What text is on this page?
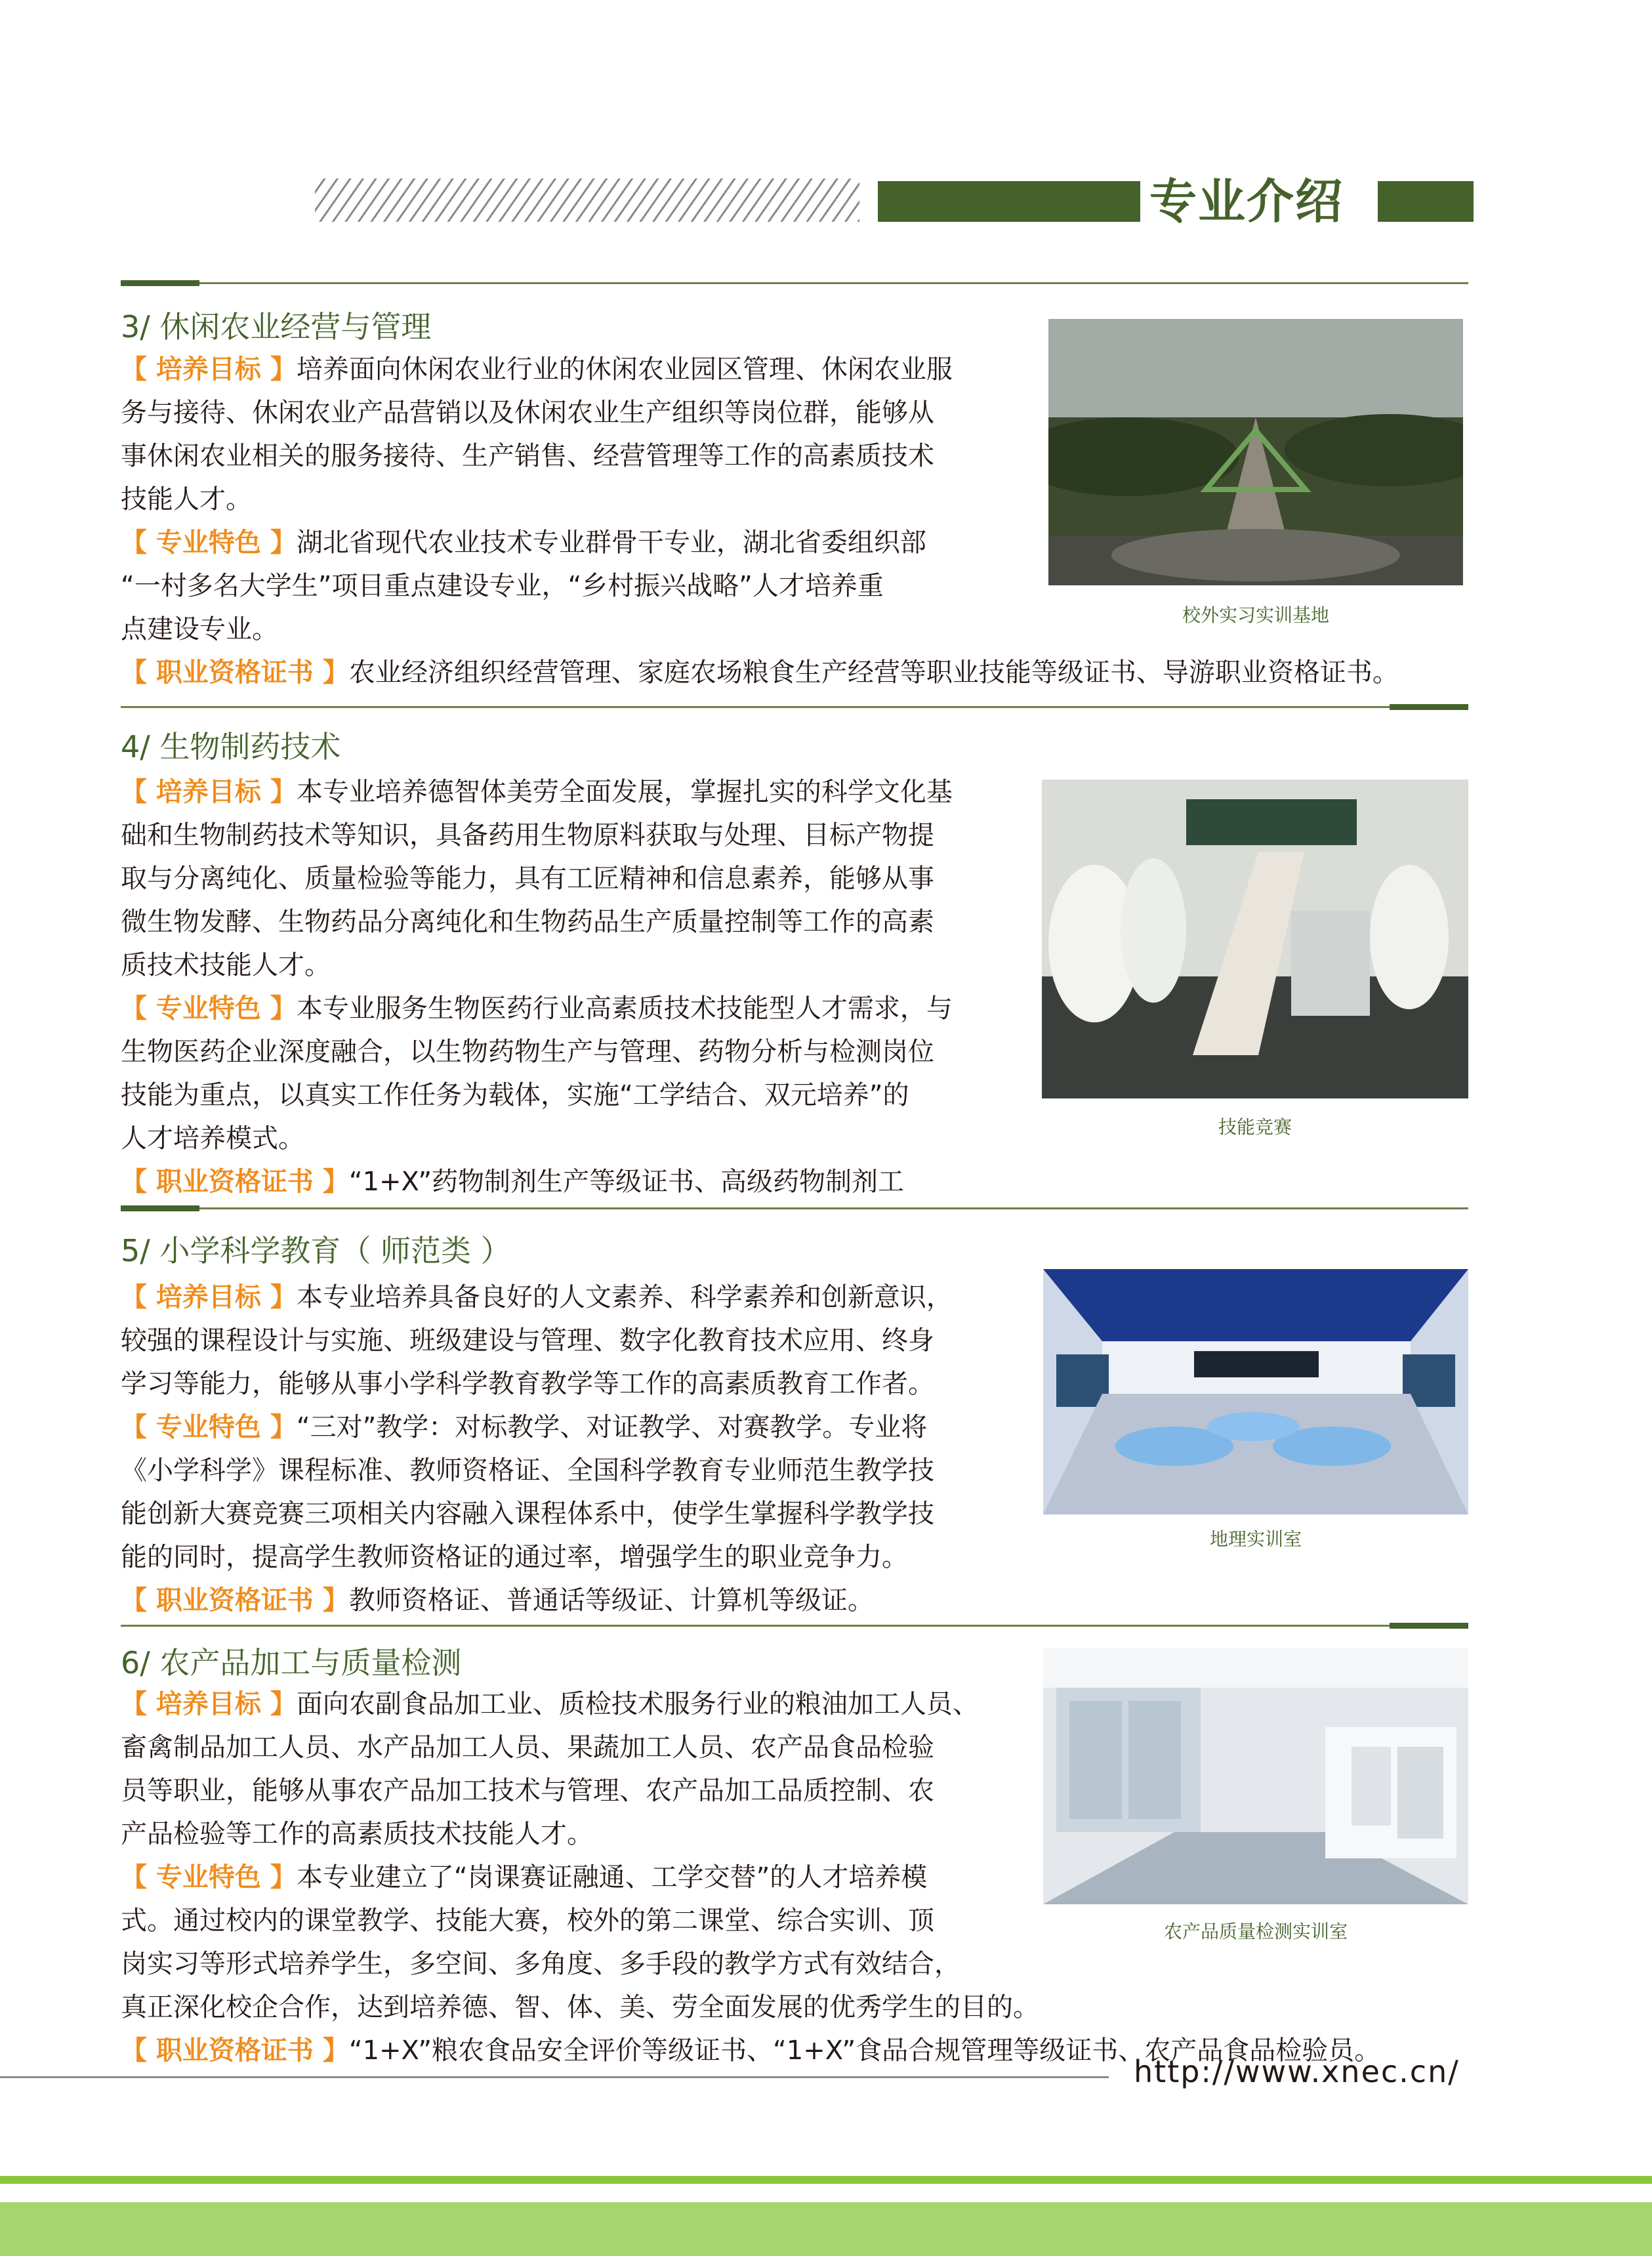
专业介绍
3/ 休闲农业经营与管理
【 培养目标 】培养面向休闲农业行业的休闲农业园区管理、休闲农业服
务与接待、休闲农业产品营销以及休闲农业生产组织等岗位群，能够从
事休闲农业相关的服务接待、生产销售、经营管理等工作的高素质技术
技能人才。
【 专业特色 】湖北省现代农业技术专业群骨干专业，湖北省委组织部
“一村多名大学生”项目重点建设专业，“乡村振兴战略”人才培养重
点建设专业。
【 职业资格证书 】农业经济组织经营管理、家庭农场粮食生产经营等职业技能等级证书、导游职业资格证书。
校外实习实训基地
4/ 生物制药技术
【 培养目标 】本专业培养德智体美劳全面发展，掌握扎实的科学文化基
础和生物制药技术等知识，具备药用生物原料获取与处理、目标产物提
取与分离纯化、质量检验等能力，具有工匠精神和信息素养，能够从事
微生物发酵、生物药品分离纯化和生物药品生产质量控制等工作的高素
质技术技能人才。
【 专业特色 】本专业服务生物医药行业高素质技术技能型人才需求，与
生物医药企业深度融合，以生物药物生产与管理、药物分析与检测岗位
技能为重点，以真实工作任务为载体，实施“工学结合、双元培养”的
人才培养模式。
【 职业资格证书 】“1+X”药物制剂生产等级证书、高级药物制剂工
技能竞赛
5/ 小学科学教育（ 师范类 ）
【 培养目标 】本专业培养具备良好的人文素养、科学素养和创新意识，
较强的课程设计与实施、班级建设与管理、数字化教育技术应用、终身
学习等能力，能够从事小学科学教育教学等工作的高素质教育工作者。
【 专业特色 】“三对”教学：对标教学、对证教学、对赛教学。专业将
《小学科学》课程标准、教师资格证、全国科学教育专业师范生教学技
能创新大赛竞赛三项相关内容融入课程体系中，使学生掌握科学教学技
能的同时，提高学生教师资格证的通过率，增强学生的职业竞争力。
【 职业资格证书 】教师资格证、普通话等级证、计算机等级证。
地理实训室
6/ 农产品加工与质量检测
【 培养目标 】面向农副食品加工业、质检技术服务行业的粮油加工人员、
畜禽制品加工人员、水产品加工人员、果蔬加工人员、农产品食品检验
员等职业，能够从事农产品加工技术与管理、农产品加工品质控制、农
产品检验等工作的高素质技术技能人才。
【 专业特色 】本专业建立了“岗课赛证融通、工学交替”的人才培养模
式。通过校内的课堂教学、技能大赛，校外的第二课堂、综合实训、顶
岗实习等形式培养学生，多空间、多角度、多手段的教学方式有效结合，
真正深化校企合作，达到培养德、智、体、美、劳全面发展的优秀学生的目的。
【 职业资格证书 】“1+X”粮农食品安全评价等级证书、“1+X”食品合规管理等级证书、农产品食品检验员。
农产品质量检测实训室
http://www.xnec.cn/
